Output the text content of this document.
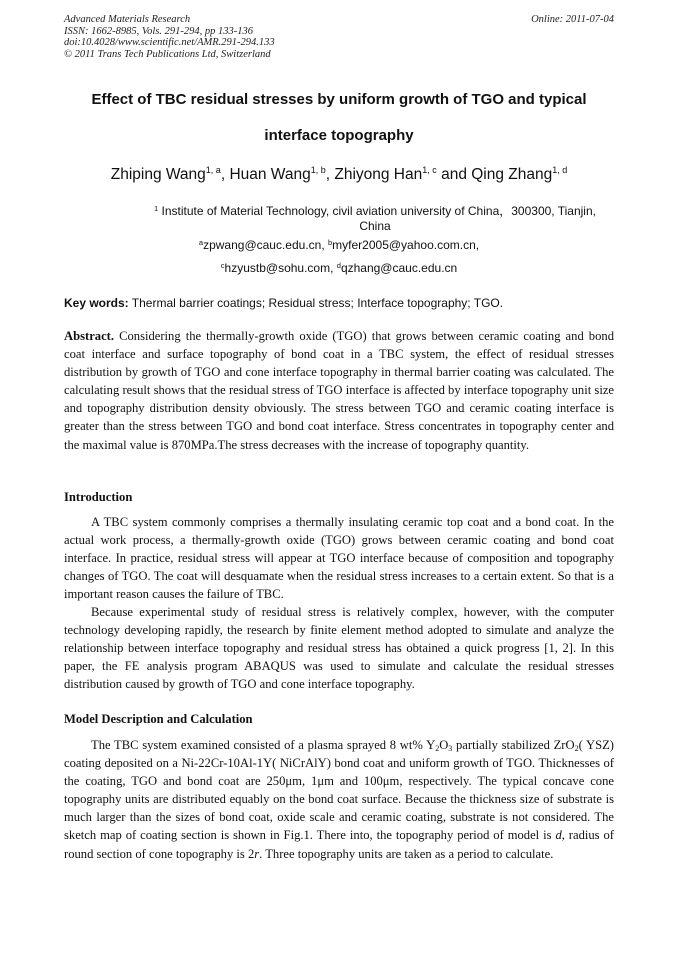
Advanced Materials Research
ISSN: 1662-8985, Vols. 291-294, pp 133-136
doi:10.4028/www.scientific.net/AMR.291-294.133
© 2011 Trans Tech Publications Ltd, Switzerland
Online: 2011-07-04
Effect of TBC residual stresses by uniform growth of TGO and typical
interface topography
Zhiping Wang$^{1, a}$, Huan Wang$^{1, b}$, Zhiyong Han$^{1, c}$ and Qing Zhang$^{1, d}$
$^1$ Institute of Material Technology, civil aviation university of China，300300, Tianjin, China
$^a$zpwang@cauc.edu.cn, $^b$myfer2005@yahoo.com.cn,
$^c$hzyustb@sohu.com, $^d$qzhang@cauc.edu.cn
Key words: Thermal barrier coatings; Residual stress; Interface topography; TGO.
Abstract. Considering the thermally-growth oxide (TGO) that grows between ceramic coating and bond coat interface and surface topography of bond coat in a TBC system, the effect of residual stresses distribution by growth of TGO and cone interface topography in thermal barrier coating was calculated. The calculating result shows that the residual stress of TGO interface is affected by interface topography unit size and topography distribution density obviously. The stress between TGO and ceramic coating interface is greater than the stress between TGO and bond coat interface. Stress concentrates in topography center and the maximal value is 870MPa.The stress decreases with the increase of topography quantity.
Introduction
A TBC system commonly comprises a thermally insulating ceramic top coat and a bond coat. In the actual work process, a thermally-growth oxide (TGO) grows between ceramic coating and bond coat interface. In practice, residual stress will appear at TGO interface because of composition and topography changes of TGO. The coat will desquamate when the residual stress increases to a certain extent. So that is a important reason causes the failure of TBC.
Because experimental study of residual stress is relatively complex, however, with the computer technology developing rapidly, the research by finite element method adopted to simulate and analyze the relationship between interface topography and residual stress has obtained a quick progress [1, 2]. In this paper, the FE analysis program ABAQUS was used to simulate and calculate the residual stresses distribution caused by growth of TGO and cone interface topography.
Model Description and Calculation
The TBC system examined consisted of a plasma sprayed 8 wt% $Y_2O_3$ partially stabilized ZrO$_2$( YSZ) coating deposited on a Ni-22Cr-10Al-1Y( NiCrAlY) bond coat and uniform growth of TGO. Thicknesses of the coating, TGO and bond coat are 250μm, 1μm and 100μm, respectively. The typical concave cone topography units are distributed equably on the bond coat surface. Because the thickness size of substrate is much larger than the sizes of bond coat, oxide scale and ceramic coating, substrate is not considered. The sketch map of coating section is shown in Fig.1. There into, the topography period of model is d, radius of round section of cone topography is 2r. Three topography units are taken as a period to calculate.
